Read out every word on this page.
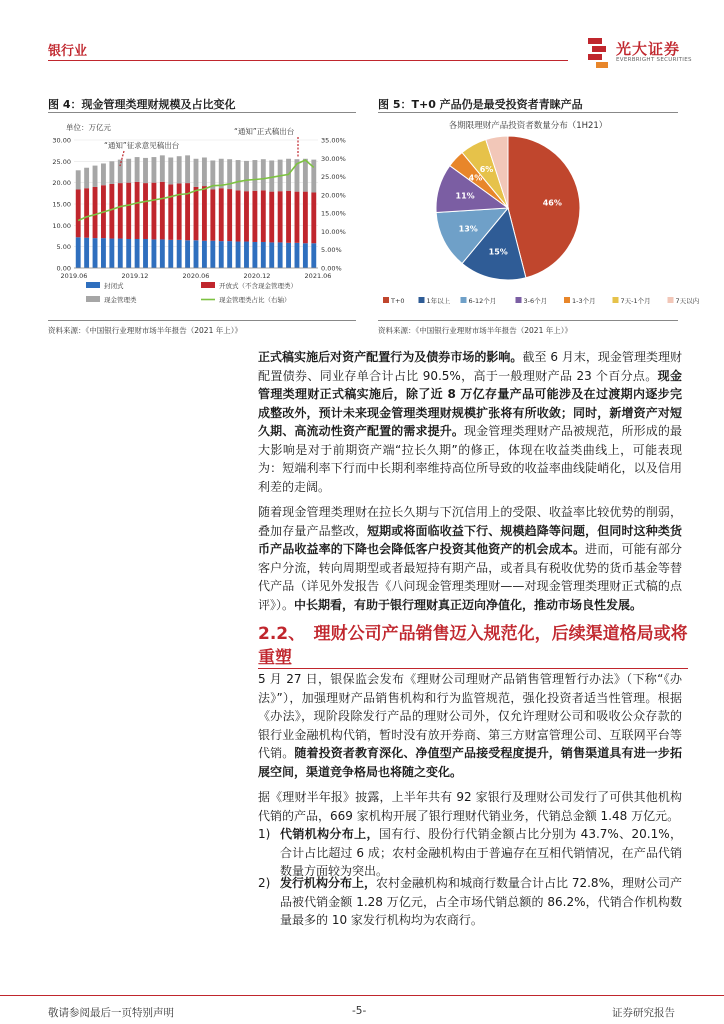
银行业	光大证券
EVERBRIGHT SECURITIES
图 4：现金管理类理财规模及占比变化
0.00
5.00
10.00
15.00
20.00
25.00
30.00
0.00%
5.00%
10.00%
15.00%
20.00%
25.00%
30.00%
35.00%
2019.06	2019.12	2020.06	2020.12	2021.06
单位：万亿元
“通知”征求意见稿出台
“通知”正式稿出台
封闭式	开放式（不含现金管理类）
现金管理类	现金管理类占比（右轴）
资料来源：《中国银行业理财市场半年报告（2021 年上）》
图 5：T+0 产品仍是最受投资者青睐产品
各期限理财产品投资者数量分布（1H21）
46%
15%
13%
11%
4%
6%
T+0	1年以上	6-12个月	3-6个月	1-3个月	7天-1个月	7天以内
资料来源：《中国银行业理财市场半年报告（2021 年上）》
正式稿实施后对资产配置行为及债券市场的影响。截至 6 月末，现金管理类理财配置债券、同业存单合计占比 90.5%，高于一般理财产品 23 个百分点。现金管理类理财正式稿实施后，除了近 8 万亿存量产品可能涉及在过渡期内逐步完成整改外，预计未来现金管理类理财规模扩张将有所收敛；同时，新增资产对短久期、高流动性资产配置的需求提升。现金管理类理财产品被规范，所形成的最大影响是对于前期资产端“拉长久期”的修正，体现在收益类曲线上，可能表现为：短端利率下行而中长期利率维持高位所导致的收益率曲线陡峭化，以及信用利差的走阔。
随着现金管理类理财在拉长久期与下沉信用上的受限、收益率比较优势的削弱，叠加存量产品整改，短期或将面临收益下行、规模趋降等问题，但同时这种类货币产品收益率的下降也会降低客户投资其他资产的机会成本。进而，可能有部分客户分流，转向周期型或者最短持有期产品，或者具有税收优势的货币基金等替代产品（详见外发报告《八问现金管理类理财——对现金管理类理财正式稿的点评》）。中长期看，有助于银行理财真正迈向净值化，推动市场良性发展。
2.2、　理财公司产品销售迈入规范化，后续渠道格局或将重塑
5 月 27 日，银保监会发布《理财公司理财产品销售管理暂行办法》（下称“《办法》”），加强理财产品销售机构和行为监管规范，强化投资者适当性管理。根据《办法》，现阶段除发行产品的理财公司外，仅允许理财公司和吸收公众存款的银行业金融机构代销，暂时没有放开券商、第三方财富管理公司、互联网平台等代销。随着投资者教育深化、净值型产品接受程度提升，销售渠道具有进一步拓展空间，渠道竞争格局也将随之变化。
据《理财半年报》披露，上半年共有 92 家银行及理财公司发行了可供其他机构代销的产品，669 家机构开展了银行理财代销业务，代销总金额 1.48 万亿元。
1) 代销机构分布上，国有行、股份行代销金额占比分别为 43.7%、20.1%，合计占比超过 6 成；农村金融机构由于普遍存在互相代销情况，在产品代销数量方面较为突出。
2) 发行机构分布上，农村金融机构和城商行数量合计占比 72.8%，理财公司产品被代销金额 1.28 万亿元，占全市场代销总额的 86.2%，代销合作机构数量最多的 10 家发行机构均为农商行。
敬请参阅最后一页特别声明	-5-	证券研究报告
